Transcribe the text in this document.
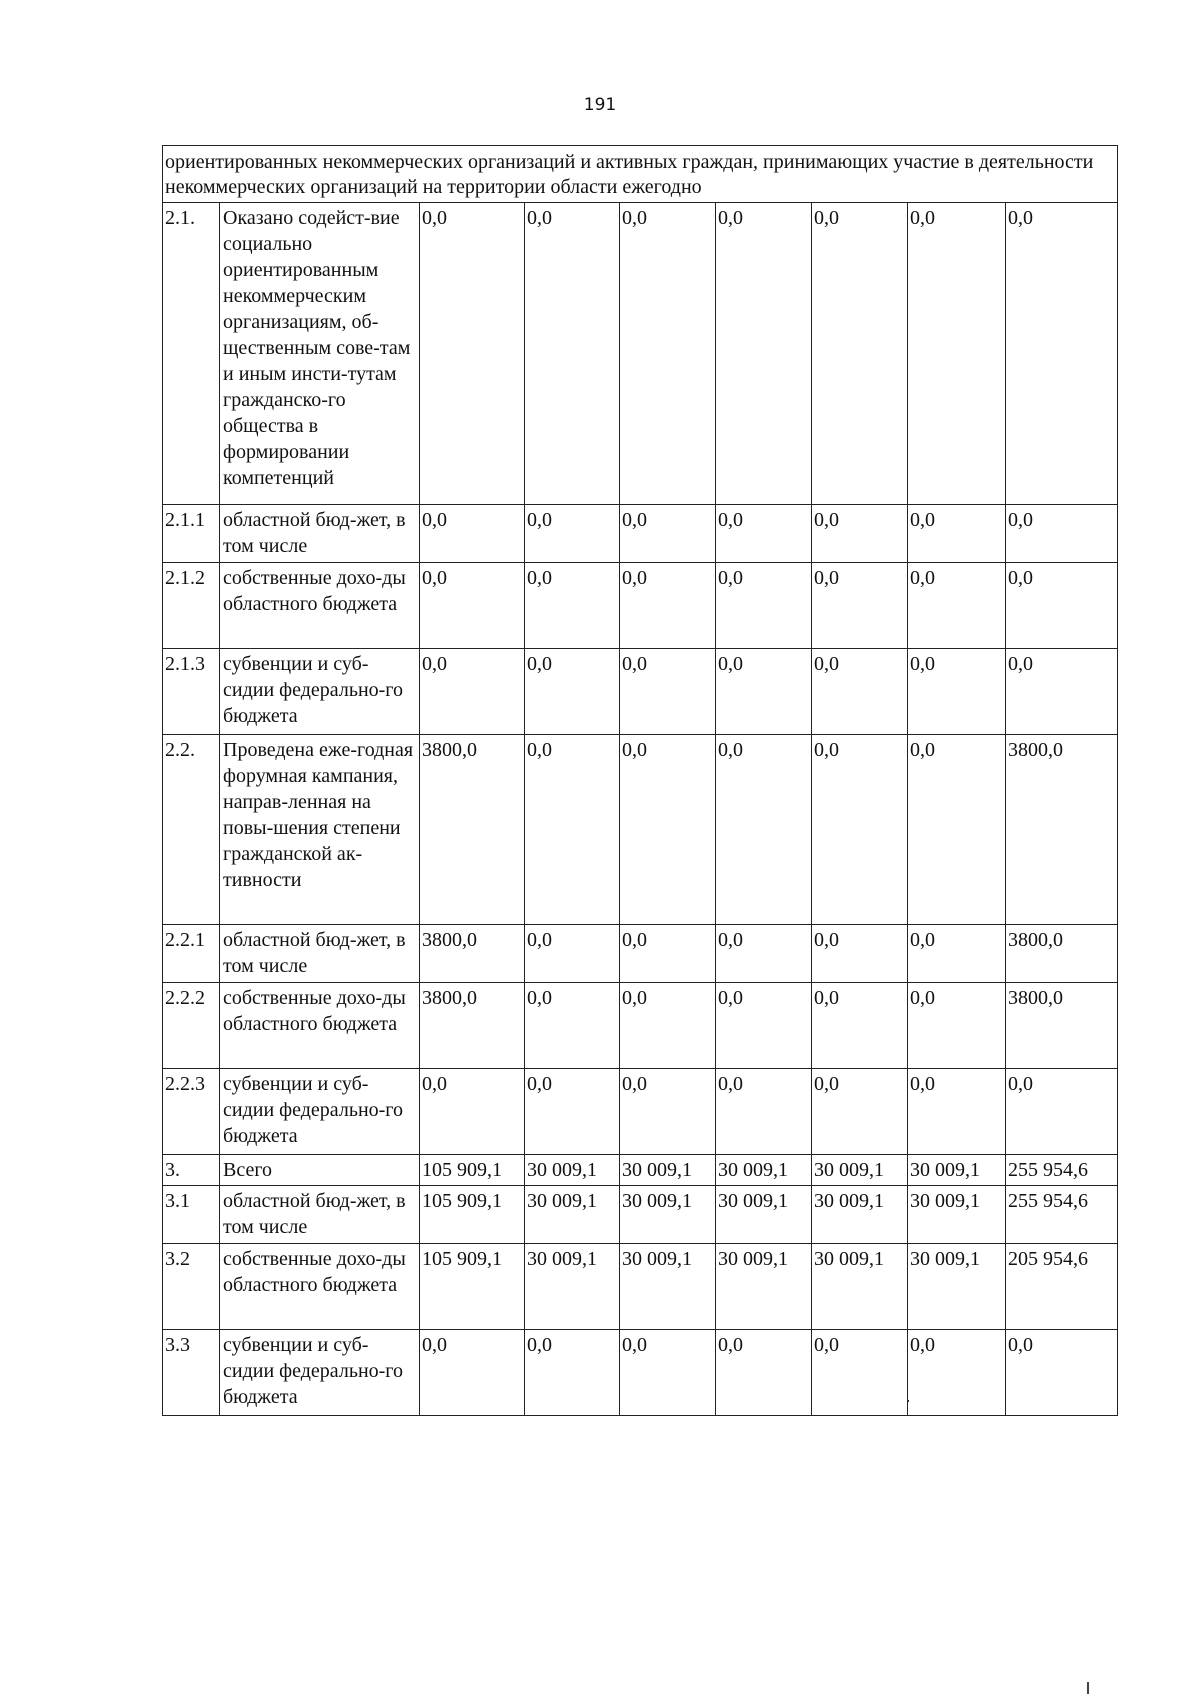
191
ориентированных некоммерческих организаций и активных граждан, принимающих участие в деятельности некоммерческих организаций на территории области ежегодно								
2.1.	Оказано содейст-вие социально ориентированным некоммерческим организациям, об-щественным сове-там и иным инсти-тутам гражданско-го общества в формировании компетенций	0,0	0,0	0,0	0,0	0,0	0,0	0,0
2.1.1	областной бюд-жет, в том числе	0,0	0,0	0,0	0,0	0,0	0,0	0,0
2.1.2	собственные дохо-ды областного бюджета	0,0	0,0	0,0	0,0	0,0	0,0	0,0
2.1.3	субвенции и суб-сидии федерально-го бюджета	0,0	0,0	0,0	0,0	0,0	0,0	0,0
2.2.	Проведена еже-годная форумная кампания, направ-ленная на повы-шения степени гражданской ак-тивности	3800,0	0,0	0,0	0,0	0,0	0,0	3800,0
2.2.1	областной бюд-жет, в том числе	3800,0	0,0	0,0	0,0	0,0	0,0	3800,0
2.2.2	собственные дохо-ды областного бюджета	3800,0	0,0	0,0	0,0	0,0	0,0	3800,0
2.2.3	субвенции и суб-сидии федерально-го бюджета	0,0	0,0	0,0	0,0	0,0	0,0	0,0
3.	Всего	105 909,1	30 009,1	30 009,1	30 009,1	30 009,1	30 009,1	255 954,6
3.1	областной бюд-жет, в том числе	105 909,1	30 009,1	30 009,1	30 009,1	30 009,1	30 009,1	255 954,6
3.2	собственные дохо-ды областного бюджета	105 909,1	30 009,1	30 009,1	30 009,1	30 009,1	30 009,1	205 954,6
3.3	субвенции и суб-сидии федерально-го бюджета	0,0	0,0	0,0	0,0	0,0	0,0	0,0
